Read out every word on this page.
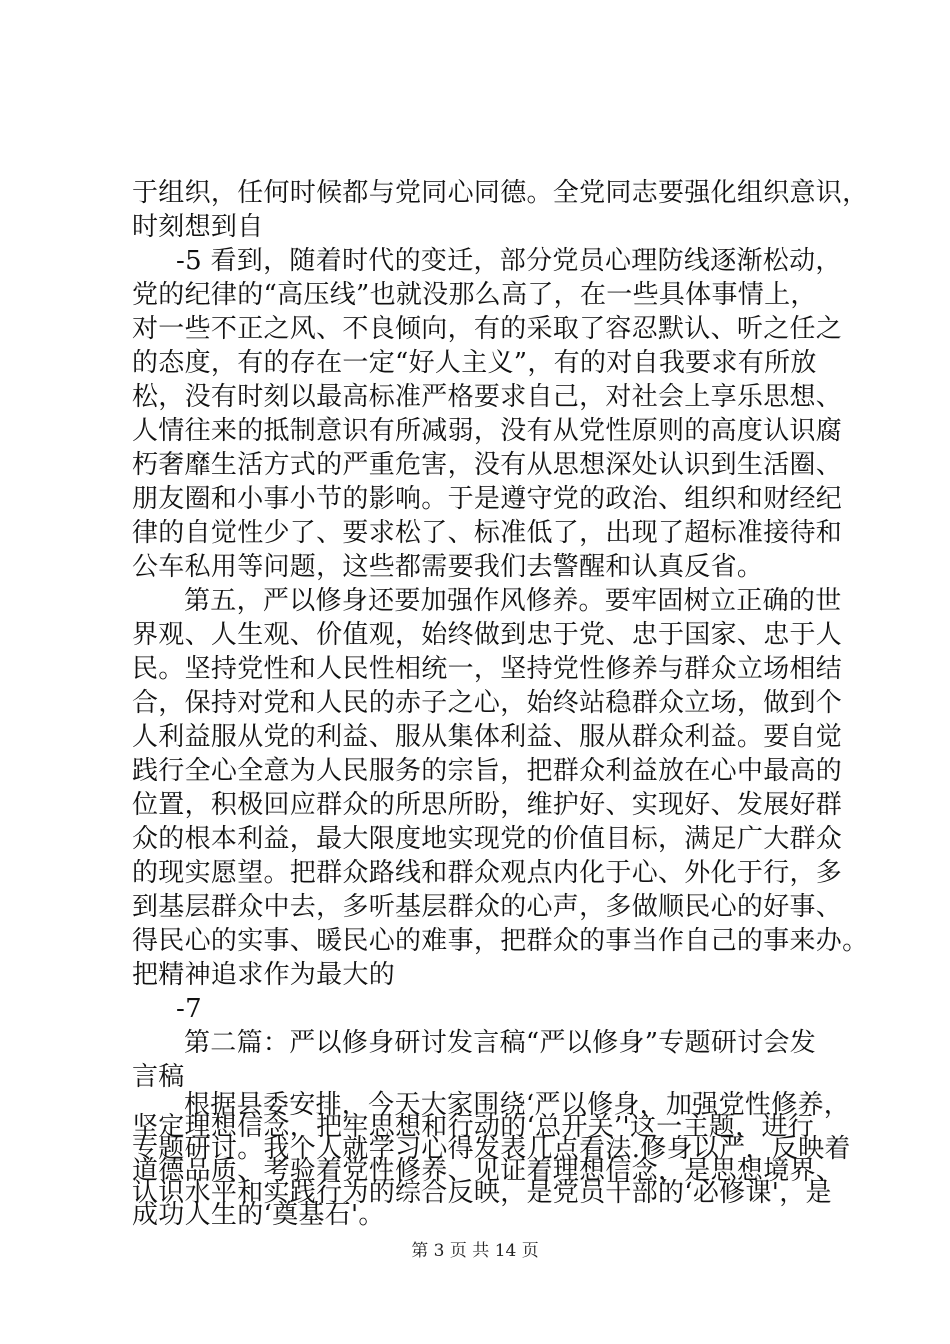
于组织，任何时候都与党同心同德。全党同志要强化组织意识，
时刻想到自
-5 看到，随着时代的变迁，部分党员心理防线逐渐松动，
党的纪律的“高压线”也就没那么高了，在一些具体事情上，
对一些不正之风、不良倾向，有的采取了容忍默认、听之任之
的态度，有的存在一定“好人主义”，有的对自我要求有所放
松，没有时刻以最高标准严格要求自己，对社会上享乐思想、
人情往来的抵制意识有所减弱，没有从党性原则的高度认识腐
朽奢靡生活方式的严重危害，没有从思想深处认识到生活圈、
朋友圈和小事小节的影响。于是遵守党的政治、组织和财经纪
律的自觉性少了、要求松了、标准低了，出现了超标准接待和
公车私用等问题，这些都需要我们去警醒和认真反省。
第五，严以修身还要加强作风修养。要牢固树立正确的世
界观、人生观、价值观，始终做到忠于党、忠于国家、忠于人
民。坚持党性和人民性相统一，坚持党性修养与群众立场相结
合，保持对党和人民的赤子之心，始终站稳群众立场，做到个
人利益服从党的利益、服从集体利益、服从群众利益。要自觉
践行全心全意为人民服务的宗旨，把群众利益放在心中最高的
位置，积极回应群众的所思所盼，维护好、实现好、发展好群
众的根本利益，最大限度地实现党的价值目标，满足广大群众
的现实愿望。把群众路线和群众观点内化于心、外化于行，多
到基层群众中去，多听基层群众的心声，多做顺民心的好事、
得民心的实事、暖民心的难事，把群众的事当作自己的事来办。
把精神追求作为最大的
-7
第二篇：严以修身研讨发言稿“严以修身”专题研讨会发
言稿
根据县委安排，今天大家围绕‘严以修身，加强党性修养，
坚定理想信念，把牢思想和行动的‘总开关’'这一主题，进行
专题研讨。我个人就学习心得发表几点看法.修身以严，反映着
道德品质、考验着党性修养、见证着理想信念，是思想境界、
认识水平和实践行为的综合反映，是党员干部的‘必修课'，是
成功人生的‘奠基石'。
第 3 页 共 14 页
